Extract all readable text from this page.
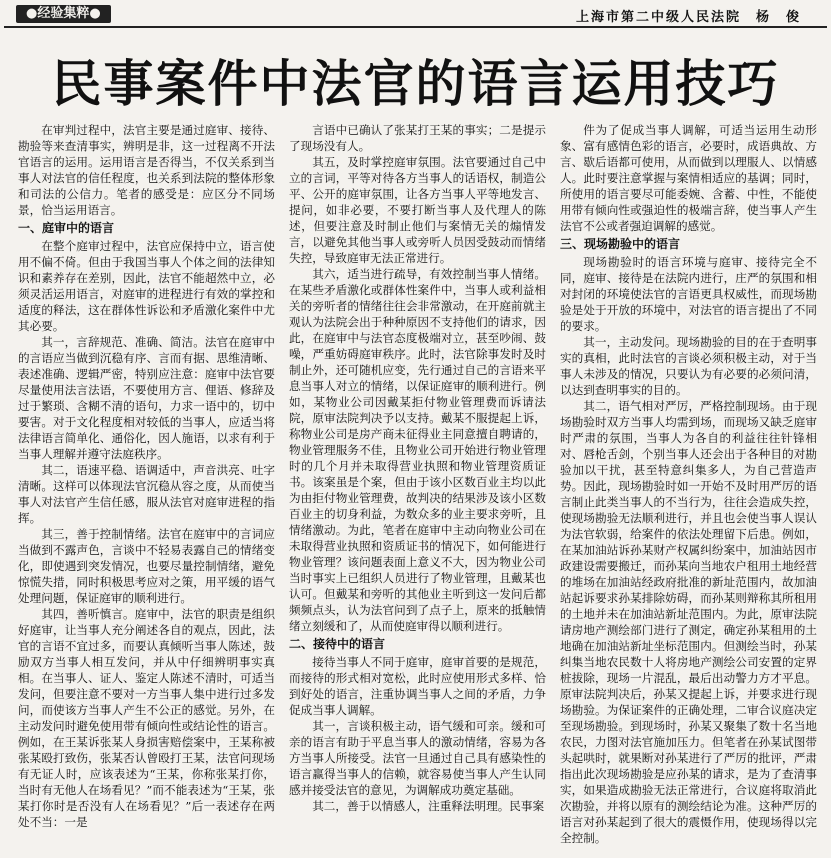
●经验集粹●	上海市第二中级人民法院　杨　俊
民事案件中法官的语言运用技巧

在审判过程中，法官主要是通过庭审、接待、勘验等来查清事实，辨明是非，这一过程离不开法官语言的运用。运用语言是否得当，不仅关系到当事人对法官的信任程度，也关系到法院的整体形象和司法的公信力。笔者的感受是：应区分不同场景，恰当运用语言。

一、庭审中的语言

在整个庭审过程中，法官应保持中立，语言使用不偏不倚。但由于我国当事人个体之间的法律知识和素养存在差别，因此，法官不能超然中立，必须灵活运用语言，对庭审的进程进行有效的掌控和适度的释法，这在群体性诉讼和矛盾激化案件中尤其必要。

其一，言辞规范、准确、简洁。法官在庭审中的言语应当做到沉稳有序、言而有据、思维清晰、表述准确、逻辑严密，特别应注意：庭审中法官要尽量使用法言法语，不要使用方言、俚语、修辞及过于繁琐、含糊不清的语句，力求一语中的，切中要害。对于文化程度相对较低的当事人，应适当将法律语言简单化、通俗化，因人施语，以求有利于当事人理解并遵守法庭秩序。

其二，语速平稳、语调适中，声音洪亮、吐字清晰。这样可以体现法官沉稳从容之度，从而使当事人对法官产生信任感，服从法官对庭审进程的指挥。

其三，善于控制情绪。法官在庭审中的言词应当做到不露声色，言谈中不轻易表露自己的情绪变化，即使遇到突发情况，也要尽量控制情绪，避免惊慌失措，同时积极思考应对之策，用平缓的语气处理问题，保证庭审的顺利进行。

其四，善听慎言。庭审中，法官的职责是组织好庭审，让当事人充分阐述各自的观点，因此，法官的言语不宜过多，而要认真倾听当事人陈述，鼓励双方当事人相互发问，并从中仔细辨明事实真相。在当事人、证人、鉴定人陈述不清时，可适当发问，但要注意不要对一方当事人集中进行过多发问，而使该方当事人产生不公正的感觉。另外，在主动发问时避免使用带有倾向性或结论性的语言。例如，在王某诉张某人身损害赔偿案中，王某称被张某殴打致伤，张某否认曾殴打王某，法官问现场有无证人时，应该表述为“王某，你称张某打你，当时有无他人在场看见？”而不能表述为“王某，张某打你时是否没有人在场看见？”后一表述存在两处不当：一是

言语中已确认了张某打王某的事实；二是提示了现场没有人。

其五，及时掌控庭审氛围。法官要通过自己中立的言词，平等对待各方当事人的话语权，制造公平、公开的庭审氛围，让各方当事人平等地发言、提问，如非必要，不要打断当事人及代理人的陈述，但要注意及时制止他们与案情无关的煽情发言，以避免其他当事人或旁听人员因受鼓动而情绪失控，导致庭审无法正常进行。

其六，适当进行疏导，有效控制当事人情绪。在某些矛盾激化或群体性案件中，当事人或利益相关的旁听者的情绪往往会非常激动，在开庭前就主观认为法院会出于种种原因不支持他们的请求，因此，在庭审中与法官态度极端对立，甚至吵闹、鼓噪，严重妨碍庭审秩序。此时，法官除事发时及时制止外，还可随机应变，先行通过自己的言语来平息当事人对立的情绪，以保证庭审的顺利进行。例如，某物业公司因戴某拒付物业管理费而诉请法院，原审法院判决予以支持。戴某不服提起上诉，称物业公司是房产商未征得业主同意擅自聘请的，物业管理服务不佳，且物业公司开始进行物业管理时的几个月并未取得营业执照和物业管理资质证书。该案虽是个案，但由于该小区数百业主均以此为由拒付物业管理费，故判决的结果涉及该小区数百业主的切身利益，为数众多的业主要求旁听，且情绪激动。为此，笔者在庭审中主动向物业公司在未取得营业执照和资质证书的情况下，如何能进行物业管理？该问题表面上意义不大，因为物业公司当时事实上已组织人员进行了物业管理，且戴某也认可。但戴某和旁听的其他业主听到这一发问后都频频点头，认为法官问到了点子上，原来的抵触情绪立刻缓和了，从而使庭审得以顺利进行。

二、接待中的语言

接待当事人不同于庭审，庭审首要的是规范，而接待的形式相对宽松，此时应使用形式多样、恰到好处的语言，注重协调当事人之间的矛盾，力争促成当事人调解。

其一，言谈积极主动，语气缓和可亲。缓和可亲的语言有助于平息当事人的激动情绪，容易为各方当事人所接受。法官一旦通过自己具有感染性的语言赢得当事人的信赖，就容易使当事人产生认同感并接受法官的意见，为调解成功奠定基础。

其二，善于以情感人，注重释法明理。民事案

件为了促成当事人调解，可适当运用生动形象、富有感情色彩的语言，必要时，成语典故、方言、歇后语都可使用，从而做到以理服人、以情感人。此时要注意掌握与案情相适应的基调；同时，所使用的语言要尽可能委婉、含蓄、中性，不能使用带有倾向性或强迫性的极端言辞，使当事人产生法官不公或者强迫调解的感觉。

三、现场勘验中的语言

现场勘验时的语言环境与庭审、接待完全不同，庭审、接待是在法院内进行，庄严的氛围和相对封闭的环境使法官的言语更具权威性，而现场勘验是处于开放的环境中，对法官的语言提出了不同的要求。

其一，主动发问。现场勘验的目的在于查明事实的真相，此时法官的言谈必须积极主动，对于当事人未涉及的情况，只要认为有必要的必须问清，以达到查明事实的目的。

其二，语气相对严厉，严格控制现场。由于现场勘验时双方当事人均需到场，而现场又缺乏庭审时严肃的氛围，当事人为各自的利益往往针锋相对、唇枪舌剑，个别当事人还会出于各种目的对勘验加以干扰，甚至特意纠集多人，为自己营造声势。因此，现场勘验时如一开始不及时用严厉的语言制止此类当事人的不当行为，往往会造成失控，使现场勘验无法顺利进行，并且也会使当事人误认为法官软弱，给案件的依法处理留下后患。例如，在某加油站诉孙某财产权属纠纷案中，加油站因市政建设需要搬迁，而孙某向当地农户租用土地经营的堆场在加油站经政府批准的新址范围内，故加油站起诉要求孙某排除妨碍，而孙某则辩称其所租用的土地并未在加油站新址范围内。为此，原审法院请房地产测绘部门进行了测定，确定孙某租用的土地确在加油站新址坐标范围内。但测绘当时，孙某纠集当地农民数十人将房地产测绘公司安置的定界桩拔除，现场一片混乱，最后出动警力方才平息。原审法院判决后，孙某又提起上诉，并要求进行现场勘验。为保证案件的正确处理，二审合议庭决定至现场勘验。到现场时，孙某又聚集了数十名当地农民，力图对法官施加压力。但笔者在孙某试图带头起哄时，就果断对孙某进行了严厉的批评，严肃指出此次现场勘验是应孙某的请求，是为了查清事实，如果造成勘验无法正常进行，合议庭将取消此次勘验，并将以原有的测绘结论为准。这种严厉的语言对孙某起到了很大的震慑作用，使现场得以完全控制。
